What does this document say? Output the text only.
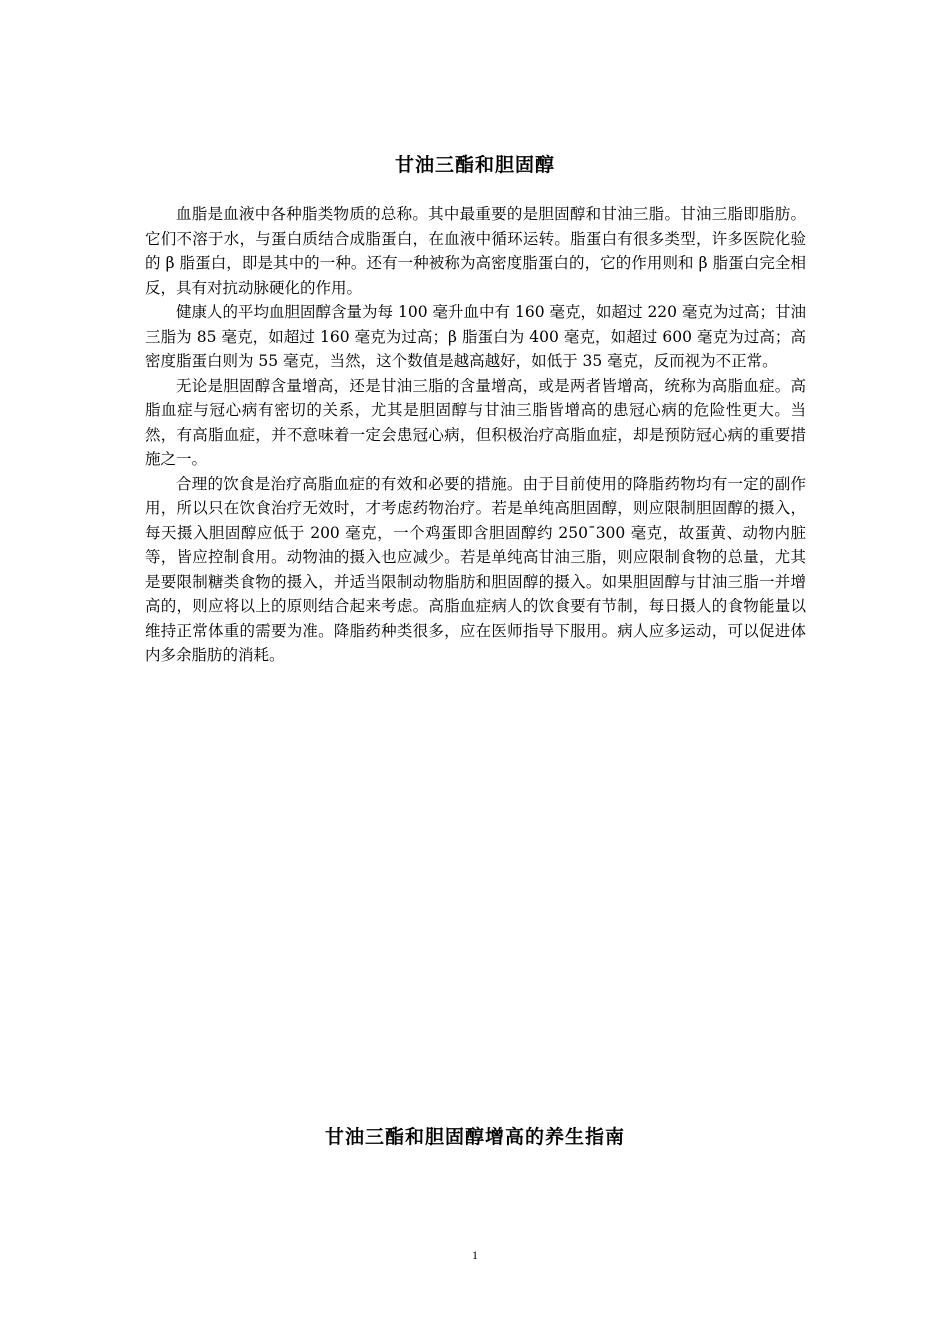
甘油三酯和胆固醇

血脂是血液中各种脂类物质的总称。其中最重要的是胆固醇和甘油三脂。甘油三脂即脂肪。它们不溶于水，与蛋白质结合成脂蛋白，在血液中循环运转。脂蛋白有很多类型，许多医院化验的 β 脂蛋白，即是其中的一种。还有一种被称为高密度脂蛋白的，它的作用则和 β 脂蛋白完全相反，具有对抗动脉硬化的作用。

健康人的平均血胆固醇含量为每 100 毫升血中有 160 毫克，如超过 220 毫克为过高；甘油三脂为 85 毫克，如超过 160 毫克为过高；β 脂蛋白为 400 毫克，如超过 600 毫克为过高；高密度脂蛋白则为 55 毫克，当然，这个数值是越高越好，如低于 35 毫克，反而视为不正常。

无论是胆固醇含量增高，还是甘油三脂的含量增高，或是两者皆增高，统称为高脂血症。高脂血症与冠心病有密切的关系，尤其是胆固醇与甘油三脂皆增高的患冠心病的危险性更大。当然，有高脂血症，并不意味着一定会患冠心病，但积极治疗高脂血症，却是预防冠心病的重要措施之一。

合理的饮食是治疗高脂血症的有效和必要的措施。由于目前使用的降脂药物均有一定的副作用，所以只在饮食治疗无效时，才考虑药物治疗。若是单纯高胆固醇，则应限制胆固醇的摄入，每天摄入胆固醇应低于 200 毫克，一个鸡蛋即含胆固醇约 250ˉ300 毫克，故蛋黄、动物内脏等，皆应控制食用。动物油的摄入也应减少。若是单纯高甘油三脂，则应限制食物的总量，尤其是要限制糖类食物的摄入，并适当限制动物脂肪和胆固醇的摄入。如果胆固醇与甘油三脂一并增高的，则应将以上的原则结合起来考虑。高脂血症病人的饮食要有节制，每日摄人的食物能量以维持正常体重的需要为准。降脂药种类很多，应在医师指导下服用。病人应多运动，可以促进体内多余脂肪的消耗。

甘油三酯和胆固醇增高的养生指南
1
